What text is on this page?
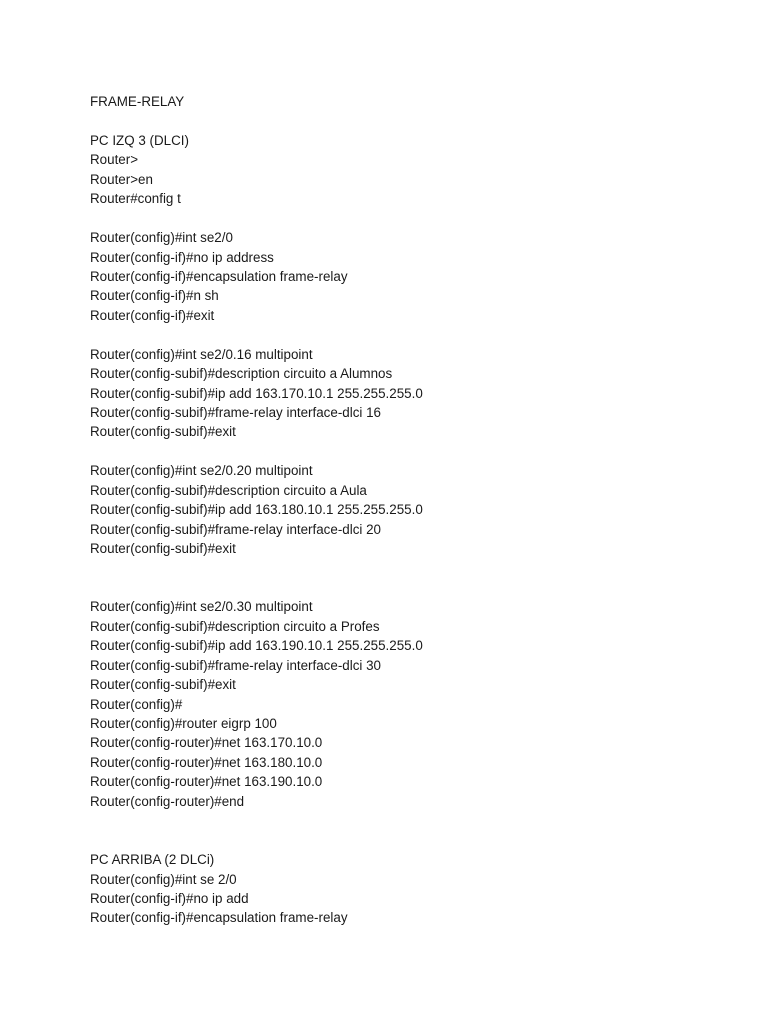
FRAME-RELAY
PC IZQ 3 (DLCI)
Router>
Router>en
Router#config t
Router(config)#int se2/0
Router(config-if)#no ip address
Router(config-if)#encapsulation frame-relay
Router(config-if)#n sh
Router(config-if)#exit
Router(config)#int se2/0.16 multipoint
Router(config-subif)#description circuito a Alumnos
Router(config-subif)#ip add 163.170.10.1 255.255.255.0
Router(config-subif)#frame-relay interface-dlci 16
Router(config-subif)#exit
Router(config)#int se2/0.20 multipoint
Router(config-subif)#description circuito a Aula
Router(config-subif)#ip add 163.180.10.1 255.255.255.0
Router(config-subif)#frame-relay interface-dlci 20
Router(config-subif)#exit
Router(config)#int se2/0.30 multipoint
Router(config-subif)#description circuito a Profes
Router(config-subif)#ip add 163.190.10.1 255.255.255.0
Router(config-subif)#frame-relay interface-dlci 30
Router(config-subif)#exit
Router(config)#
Router(config)#router eigrp 100
Router(config-router)#net 163.170.10.0
Router(config-router)#net 163.180.10.0
Router(config-router)#net 163.190.10.0
Router(config-router)#end
PC ARRIBA (2 DLCi)
Router(config)#int se 2/0
Router(config-if)#no ip add
Router(config-if)#encapsulation frame-relay
